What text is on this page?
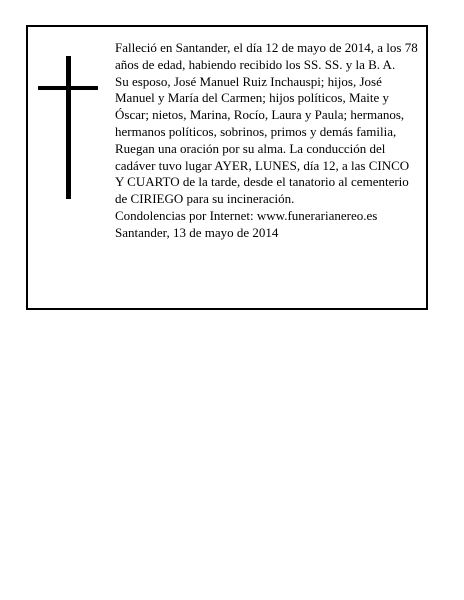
Falleció en Santander, el día 12 de mayo de 2014, a los 78 años de edad, habiendo recibido los SS. SS. y la B. A.

Su esposo, José Manuel Ruiz Inchauspi; hijos, José Manuel y María del Carmen; hijos políticos, Maite y Óscar; nietos, Marina, Rocío, Laura y Paula; hermanos, hermanos políticos, sobrinos, primos y demás familia,

Ruegan una oración por su alma. La conducción del cadáver tuvo lugar AYER, LUNES, día 12, a las CINCO Y CUARTO de la tarde, desde el tanatorio al cementerio de CIRIEGO para su incineración.

Condolencias por Internet: www.funerarianereo.es

Santander, 13 de mayo de 2014
